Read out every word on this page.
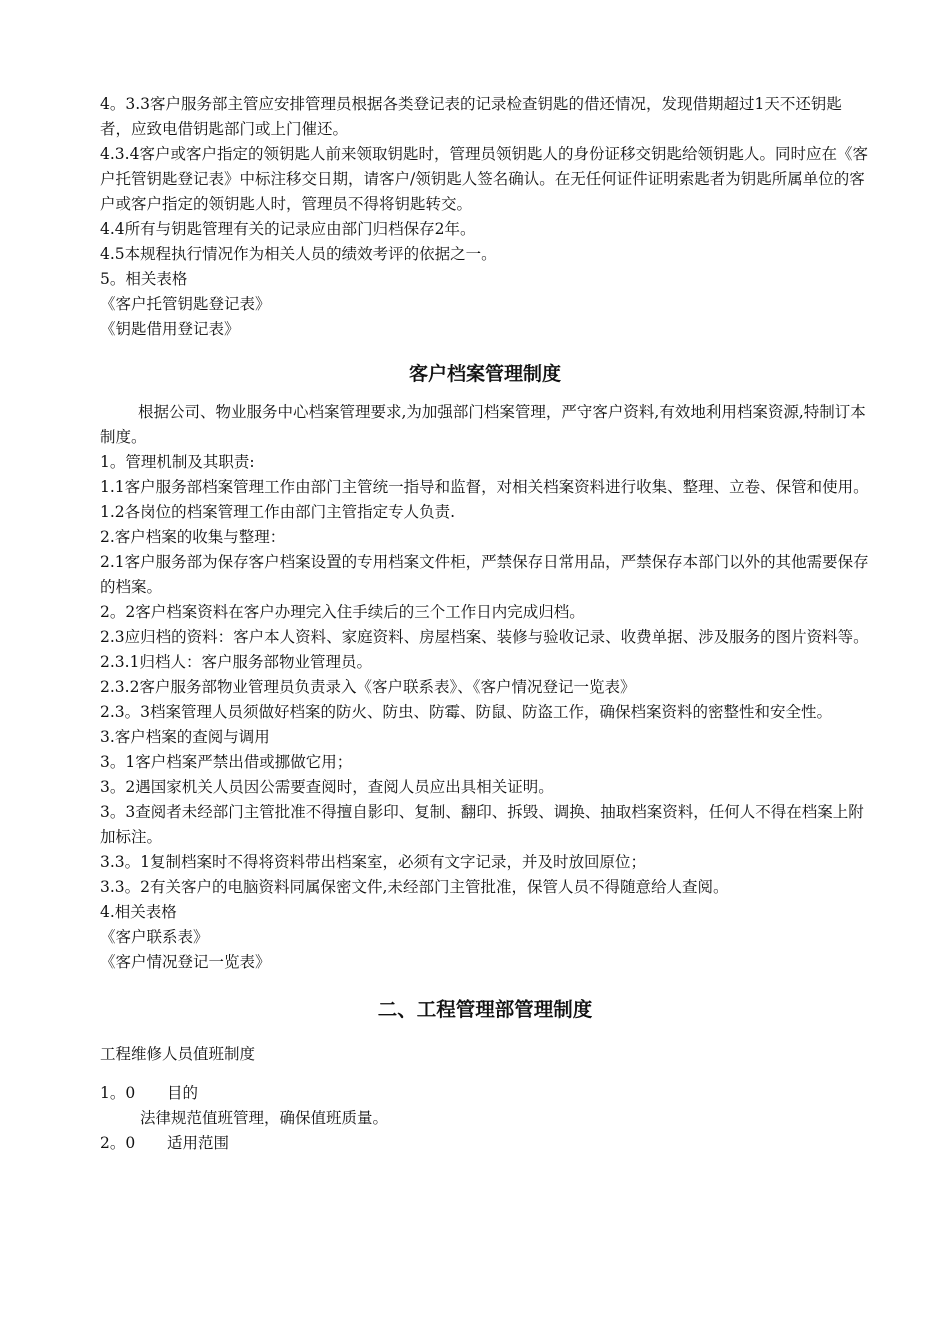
4。3.3客户服务部主管应安排管理员根据各类登记表的记录检查钥匙的借还情况，发现借期超过1天不还钥匙者，应致电借钥匙部门或上门催还。

4.3.4客户或客户指定的领钥匙人前来领取钥匙时，管理员领钥匙人的身份证移交钥匙给领钥匙人。同时应在《客户托管钥匙登记表》中标注移交日期，请客户/领钥匙人签名确认。在无任何证件证明索匙者为钥匙所属单位的客户或客户指定的领钥匙人时，管理员不得将钥匙转交。

4.4所有与钥匙管理有关的记录应由部门归档保存2年。

4.5本规程执行情况作为相关人员的绩效考评的依据之一。

5。相关表格

《客户托管钥匙登记表》

《钥匙借用登记表》

客户档案管理制度

根据公司、物业服务中心档案管理要求,为加强部门档案管理，严守客户资料,有效地利用档案资源,特制订本制度。

1。管理机制及其职责:

1.1客户服务部档案管理工作由部门主管统一指导和监督，对相关档案资料进行收集、整理、立卷、保管和使用。

1.2各岗位的档案管理工作由部门主管指定专人负责.

2.客户档案的收集与整理：

2.1客户服务部为保存客户档案设置的专用档案文件柜，严禁保存日常用品，严禁保存本部门以外的其他需要保存的档案。

2。2客户档案资料在客户办理完入住手续后的三个工作日内完成归档。

2.3应归档的资料：客户本人资料、家庭资料、房屋档案、装修与验收记录、收费单据、涉及服务的图片资料等。

2.3.1归档人：客户服务部物业管理员。

2.3.2客户服务部物业管理员负责录入《客户联系表》、《客户情况登记一览表》

2.3。3档案管理人员须做好档案的防火、防虫、防霉、防鼠、防盗工作，确保档案资料的密整性和安全性。

3.客户档案的查阅与调用

3。1客户档案严禁出借或挪做它用；

3。2遇国家机关人员因公需要查阅时，查阅人员应出具相关证明。

3。3查阅者未经部门主管批准不得擅自影印、复制、翻印、拆毁、调换、抽取档案资料，任何人不得在档案上附加标注。

3.3。1复制档案时不得将资料带出档案室，必须有文字记录，并及时放回原位；

3.3。2有关客户的电脑资料同属保密文件,未经部门主管批准，保管人员不得随意给人查阅。

4.相关表格

《客户联系表》

《客户情况登记一览表》

二、工程管理部管理制度

工程维修人员值班制度

1。0	目的

法律规范值班管理，确保值班质量。

2。0	适用范围
